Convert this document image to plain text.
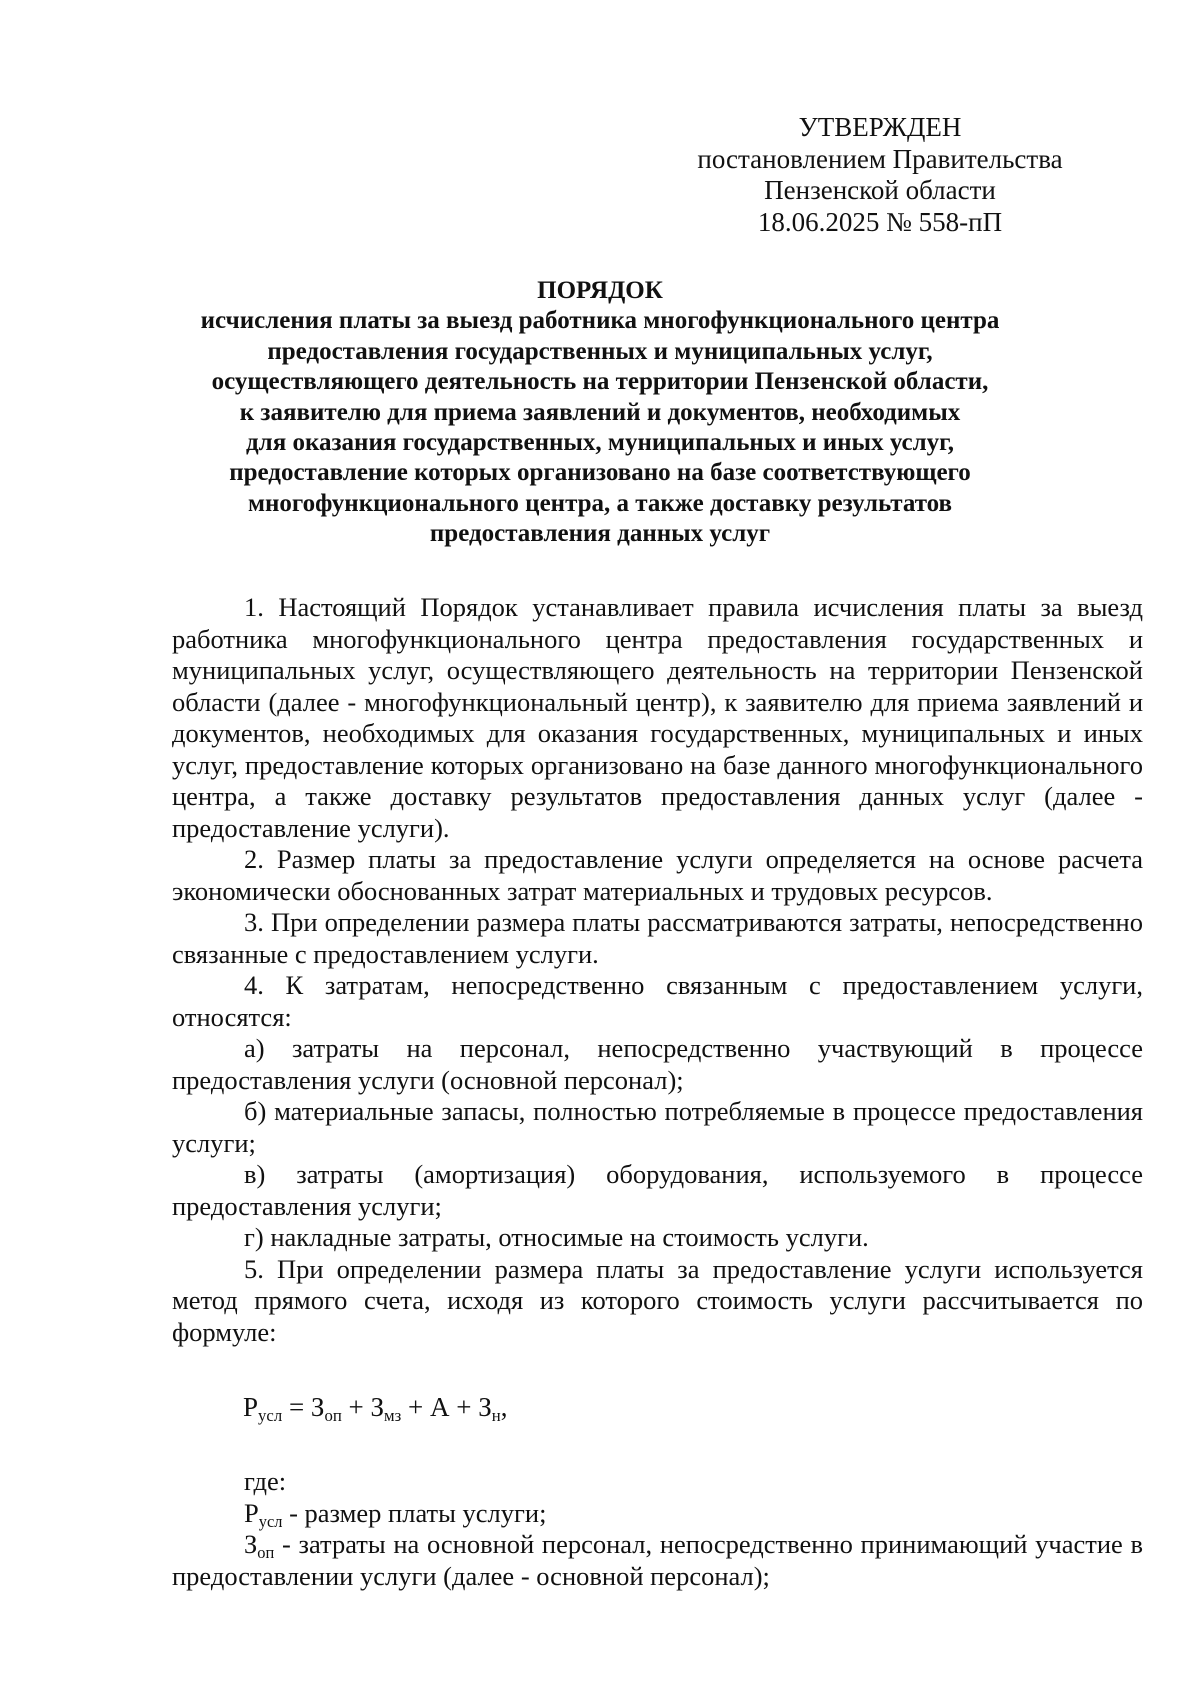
УТВЕРЖДЕН
постановлением Правительства
Пензенской области
18.06.2025 № 558-пП
ПОРЯДОК
исчисления платы за выезд работника многофункционального центра
предоставления государственных и муниципальных услуг,
осуществляющего деятельность на территории Пензенской области,
к заявителю для приема заявлений и документов, необходимых
для оказания государственных, муниципальных и иных услуг,
предоставление которых организовано на базе соответствующего
многофункционального центра, а также доставку результатов
предоставления данных услуг

1. Настоящий Порядок устанавливает правила исчисления платы за выезд работника многофункционального центра предоставления государственных и муниципальных услуг, осуществляющего деятельность на территории Пензенской области (далее - многофункциональный центр), к заявителю для приема заявлений и документов, необходимых для оказания государственных, муниципальных и иных услуг, предоставление которых организовано на базе данного многофункционального центра, а также доставку результатов предоставления данных услуг (далее - предоставление услуги).

2. Размер платы за предоставление услуги определяется на основе расчета экономически обоснованных затрат материальных и трудовых ресурсов.

3. При определении размера платы рассматриваются затраты, непосредственно связанные с предоставлением услуги.

4. К затратам, непосредственно связанным с предоставлением услуги, относятся:

а) затраты на персонал, непосредственно участвующий в процессе предоставления услуги (основной персонал);

б) материальные запасы, полностью потребляемые в процессе предоставления услуги;

в) затраты (амортизация) оборудования, используемого в процессе предоставления услуги;

г) накладные затраты, относимые на стоимость услуги.

5. При определении размера платы за предоставление услуги используется метод прямого счета, исходя из которого стоимость услуги рассчитывается по формуле:

$Р_{усл} = З_{оп} + З_{мз} + А + З_н$,

где:

$Р_{усл}$ - размер платы услуги;

$З_{оп}$ - затраты на основной персонал, непосредственно принимающий участие в предоставлении услуги (далее - основной персонал);
